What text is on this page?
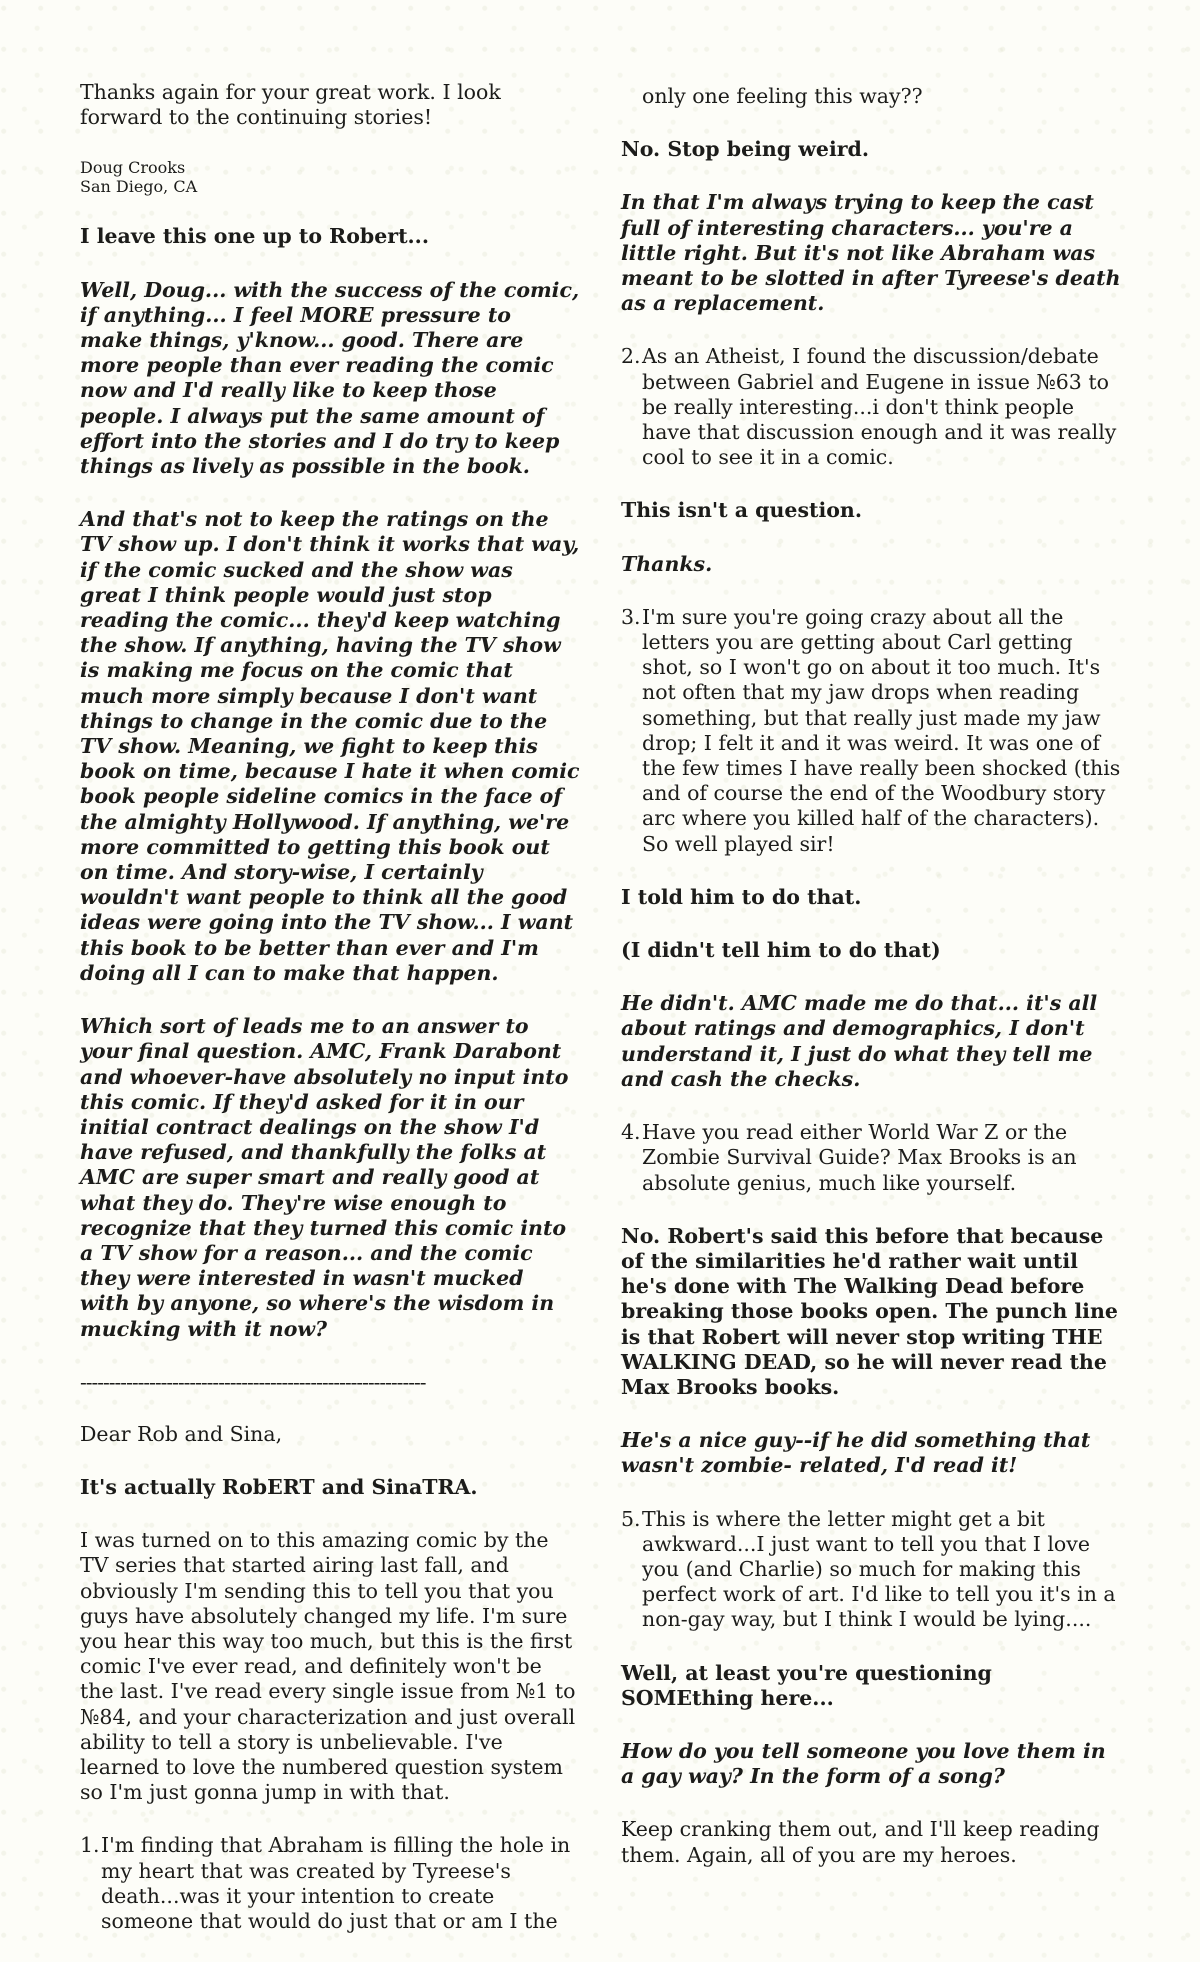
Thanks again for your great work. I look forward to the continuing stories!

Doug Crooks
San Diego, CA

I leave this one up to Robert...

Well, Doug... with the success of the comic, if anything... I feel MORE pressure to make things, y'know... good. There are more people than ever reading the comic now and I'd really like to keep those people. I always put the same amount of effort into the stories and I do try to keep things as lively as possible in the book.

And that's not to keep the ratings on the TV show up. I don't think it works that way, if the comic sucked and the show was great I think people would just stop reading the comic... they'd keep watching the show. If anything, having the TV show is making me focus on the comic that much more simply because I don't want things to change in the comic due to the TV show. Meaning, we fight to keep this book on time, because I hate it when comic book people sideline comics in the face of the almighty Hollywood. If anything, we're more committed to getting this book out on time. And story-wise, I certainly wouldn't want people to think all the good ideas were going into the TV show... I want this book to be better than ever and I'm doing all I can to make that happen.

Which sort of leads me to an answer to your final question. AMC, Frank Darabont and whoever-have absolutely no input into this comic. If they'd asked for it in our initial contract dealings on the show I'd have refused, and thankfully the folks at AMC are super smart and really good at what they do. They're wise enough to recognize that they turned this comic into a TV show for a reason... and the comic they were interested in wasn't mucked with by anyone, so where's the wisdom in mucking with it now?

------------------------------------------------------------

Dear Rob and Sina,

It's actually RobERT and SinaTRA.

I was turned on to this amazing comic by the TV series that started airing last fall, and obviously I'm sending this to tell you that you guys have absolutely changed my life. I'm sure you hear this way too much, but this is the first comic I've ever read, and definitely won't be the last. I've read every single issue from №1 to №84, and your characterization and just overall ability to tell a story is unbelievable. I've learned to love the numbered question system so I'm just gonna jump in with that.

1. I'm finding that Abraham is filling the hole in my heart that was created by Tyreese's death...was it your intention to create someone that would do just that or am I the
only one feeling this way??

No. Stop being weird.

In that I'm always trying to keep the cast full of interesting characters... you're a little right. But it's not like Abraham was meant to be slotted in after Tyreese's death as a replacement.

2. As an Atheist, I found the discussion/debate between Gabriel and Eugene in issue №63 to be really interesting...i don't think people have that discussion enough and it was really cool to see it in a comic.

This isn't a question.

Thanks.

3. I'm sure you're going crazy about all the letters you are getting about Carl getting shot, so I won't go on about it too much. It's not often that my jaw drops when reading something, but that really just made my jaw drop; I felt it and it was weird. It was one of the few times I have really been shocked (this and of course the end of the Woodbury story arc where you killed half of the characters). So well played sir!

I told him to do that.

(I didn't tell him to do that)

He didn't. AMC made me do that... it's all about ratings and demographics, I don't understand it, I just do what they tell me and cash the checks.

4. Have you read either World War Z or the Zombie Survival Guide? Max Brooks is an absolute genius, much like yourself.

No. Robert's said this before that because of the similarities he'd rather wait until he's done with The Walking Dead before breaking those books open. The punch line is that Robert will never stop writing THE WALKING DEAD, so he will never read the Max Brooks books.

He's a nice guy--if he did something that wasn't zombie- related, I'd read it!

5. This is where the letter might get a bit awkward...I just want to tell you that I love you (and Charlie) so much for making this perfect work of art. I'd like to tell you it's in a non-gay way, but I think I would be lying....

Well, at least you're questioning SOMEthing here...

How do you tell someone you love them in a gay way? In the form of a song?

Keep cranking them out, and I'll keep reading them. Again, all of you are my heroes.
